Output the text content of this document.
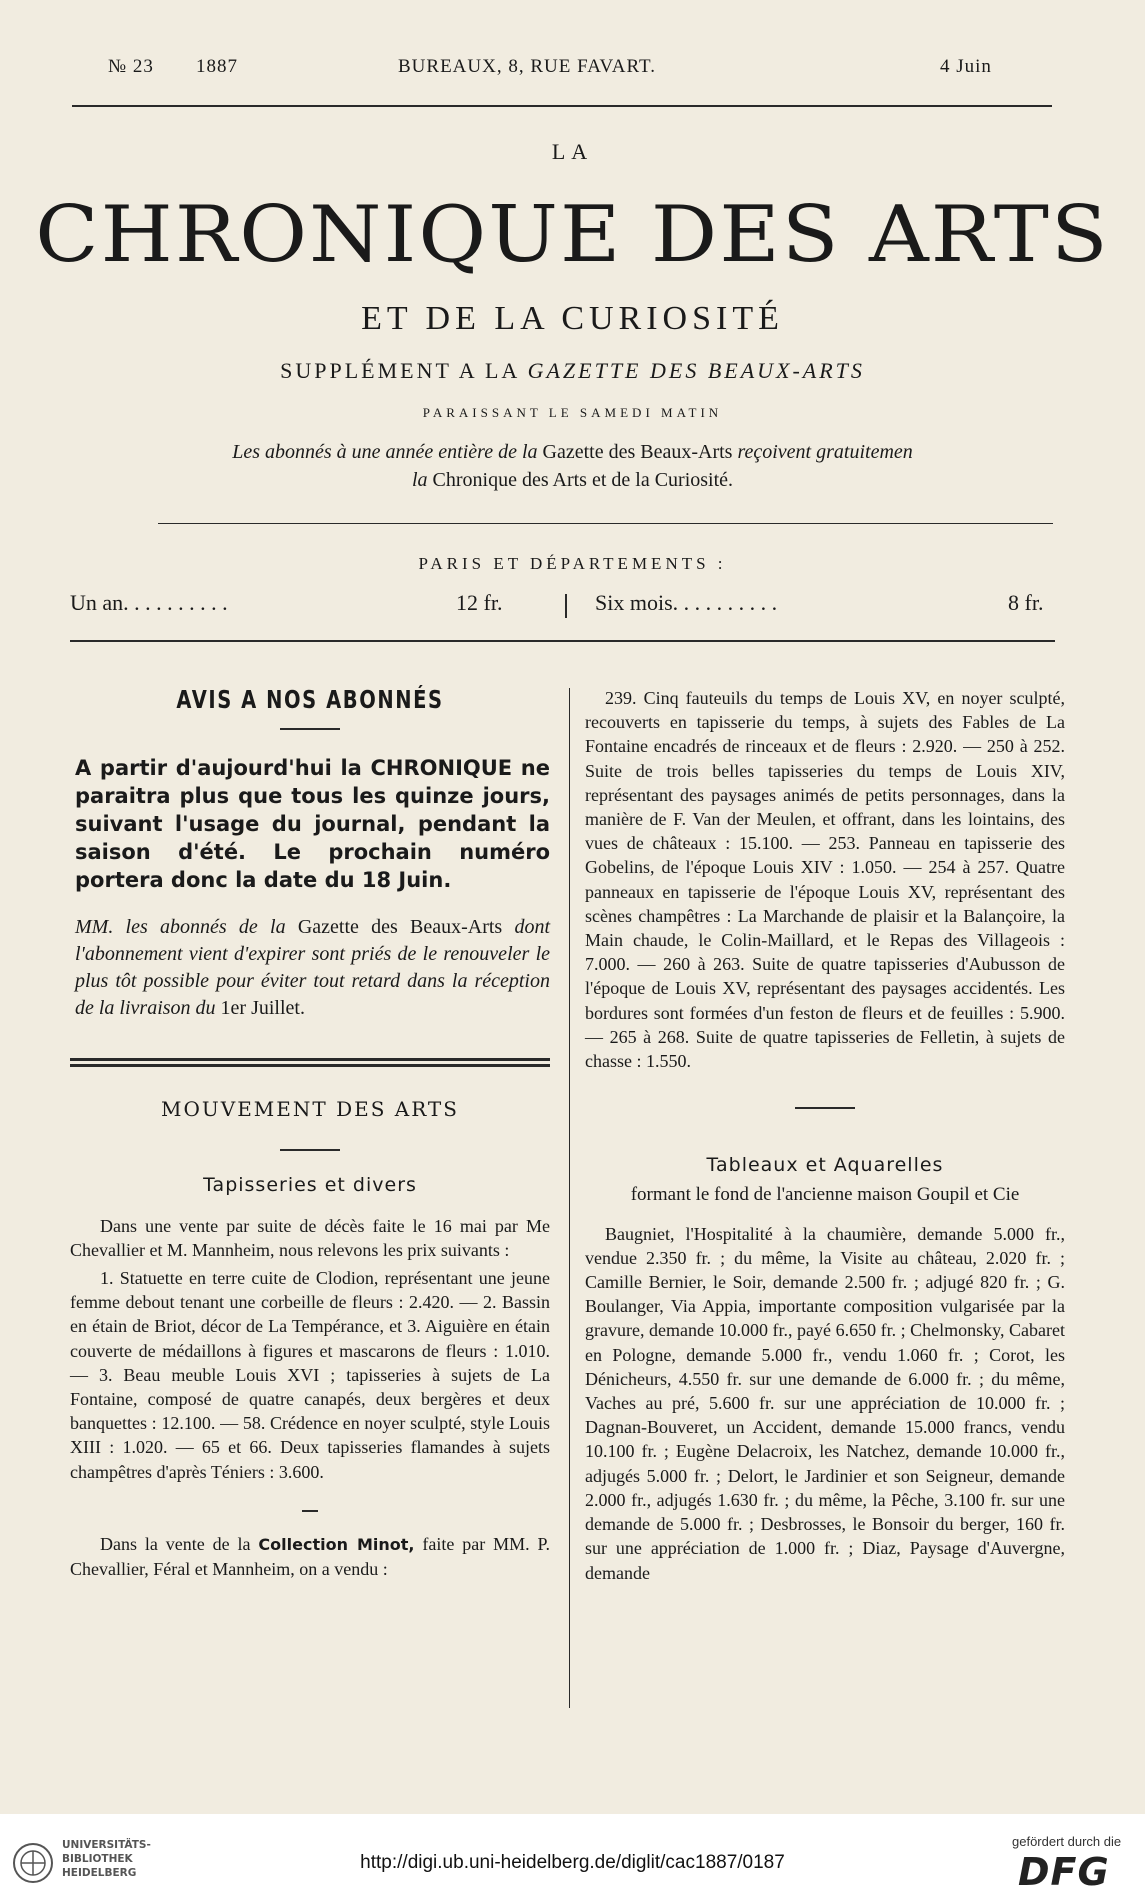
№ 23 1887	BUREAUX, 8, RUE FAVART.	4 Juin
LA
CHRONIQUE DES ARTS
ET DE LA CURIOSITÉ
SUPPLÉMENT A LA GAZETTE DES BEAUX-ARTS
PARAISSANT LE SAMEDI MATIN
Les abonnés à une année entière de la Gazette des Beaux-Arts reçoivent gratuitemen
la Chronique des Arts et de la Curiosité.
PARIS ET DÉPARTEMENTS :
Un an. . . . . . . . . .	12 fr.	Six mois. . . . . . . . . .	8 fr.
AVIS A NOS ABONNÉS

A partir d'aujourd'hui la CHRONIQUE ne paraitra plus que tous les quinze jours, suivant l'usage du journal, pendant la saison d'été. Le prochain numéro portera donc la date du 18 Juin.

MM. les abonnés de la Gazette des Beaux-Arts dont l'abonnement vient d'expirer sont priés de le renouveler le plus tôt possible pour éviter tout retard dans la réception de la livraison du 1er Juillet.

MOUVEMENT DES ARTS
Tapisseries et divers

Dans une vente par suite de décès faite le 16 mai par Me Chevallier et M. Mannheim, nous relevons les prix suivants :

1. Statuette en terre cuite de Clodion, représentant une jeune femme debout tenant une corbeille de fleurs : 2.420. — 2. Bassin en étain de Briot, décor de La Tempérance, et 3. Aiguière en étain couverte de médaillons à figures et mascarons de fleurs : 1.010. — 3. Beau meuble Louis XVI ; tapisseries à sujets de La Fontaine, composé de quatre canapés, deux bergères et deux banquettes : 12.100. — 58. Crédence en noyer sculpté, style Louis XIII : 1.020. — 65 et 66. Deux tapisseries flamandes à sujets champêtres d'après Téniers : 3.600.

Dans la vente de la Collection Minot, faite par MM. P. Chevallier, Féral et Mannheim, on a vendu :

239. Cinq fauteuils du temps de Louis XV, en noyer sculpté, recouverts en tapisserie du temps, à sujets des Fables de La Fontaine encadrés de rinceaux et de fleurs : 2.920. — 250 à 252. Suite de trois belles tapisseries du temps de Louis XIV, représentant des paysages animés de petits personnages, dans la manière de F. Van der Meulen, et offrant, dans les lointains, des vues de châteaux : 15.100. — 253. Panneau en tapisserie des Gobelins, de l'époque Louis XIV : 1.050. — 254 à 257. Quatre panneaux en tapisserie de l'époque Louis XV, représentant des scènes champêtres : La Marchande de plaisir et la Balançoire, la Main chaude, le Colin-Maillard, et le Repas des Villageois : 7.000. — 260 à 263. Suite de quatre tapisseries d'Aubusson de l'époque de Louis XV, représentant des paysages accidentés. Les bordures sont formées d'un feston de fleurs et de feuilles : 5.900. — 265 à 268. Suite de quatre tapisseries de Felletin, à sujets de chasse : 1.550.

Tableaux et Aquarelles
formant le fond de l'ancienne maison Goupil et Cie

Baugniet, l'Hospitalité à la chaumière, demande 5.000 fr., vendue 2.350 fr. ; du même, la Visite au château, 2.020 fr. ; Camille Bernier, le Soir, demande 2.500 fr. ; adjugé 820 fr. ; G. Boulanger, Via Appia, importante composition vulgarisée par la gravure, demande 10.000 fr., payé 6.650 fr. ; Chelmonsky, Cabaret en Pologne, demande 5.000 fr., vendu 1.060 fr. ; Corot, les Dénicheurs, 4.550 fr. sur une demande de 6.000 fr. ; du même, Vaches au pré, 5.600 fr. sur une appréciation de 10.000 fr. ; Dagnan-Bouveret, un Accident, demande 15.000 francs, vendu 10.100 fr. ; Eugène Delacroix, les Natchez, demande 10.000 fr., adjugés 5.000 fr. ; Delort, le Jardinier et son Seigneur, demande 2.000 fr., adjugés 1.630 fr. ; du même, la Pêche, 3.100 fr. sur une demande de 5.000 fr. ; Desbrosses, le Bonsoir du berger, 160 fr. sur une appréciation de 1.000 fr. ; Diaz, Paysage d'Auvergne, demande

UNIVERSITÄTS-
BIBLIOTHEK
HEIDELBERG	http://digi.ub.uni-heidelberg.de/diglit/cac1887/0187
gefördert durch die
DFG
